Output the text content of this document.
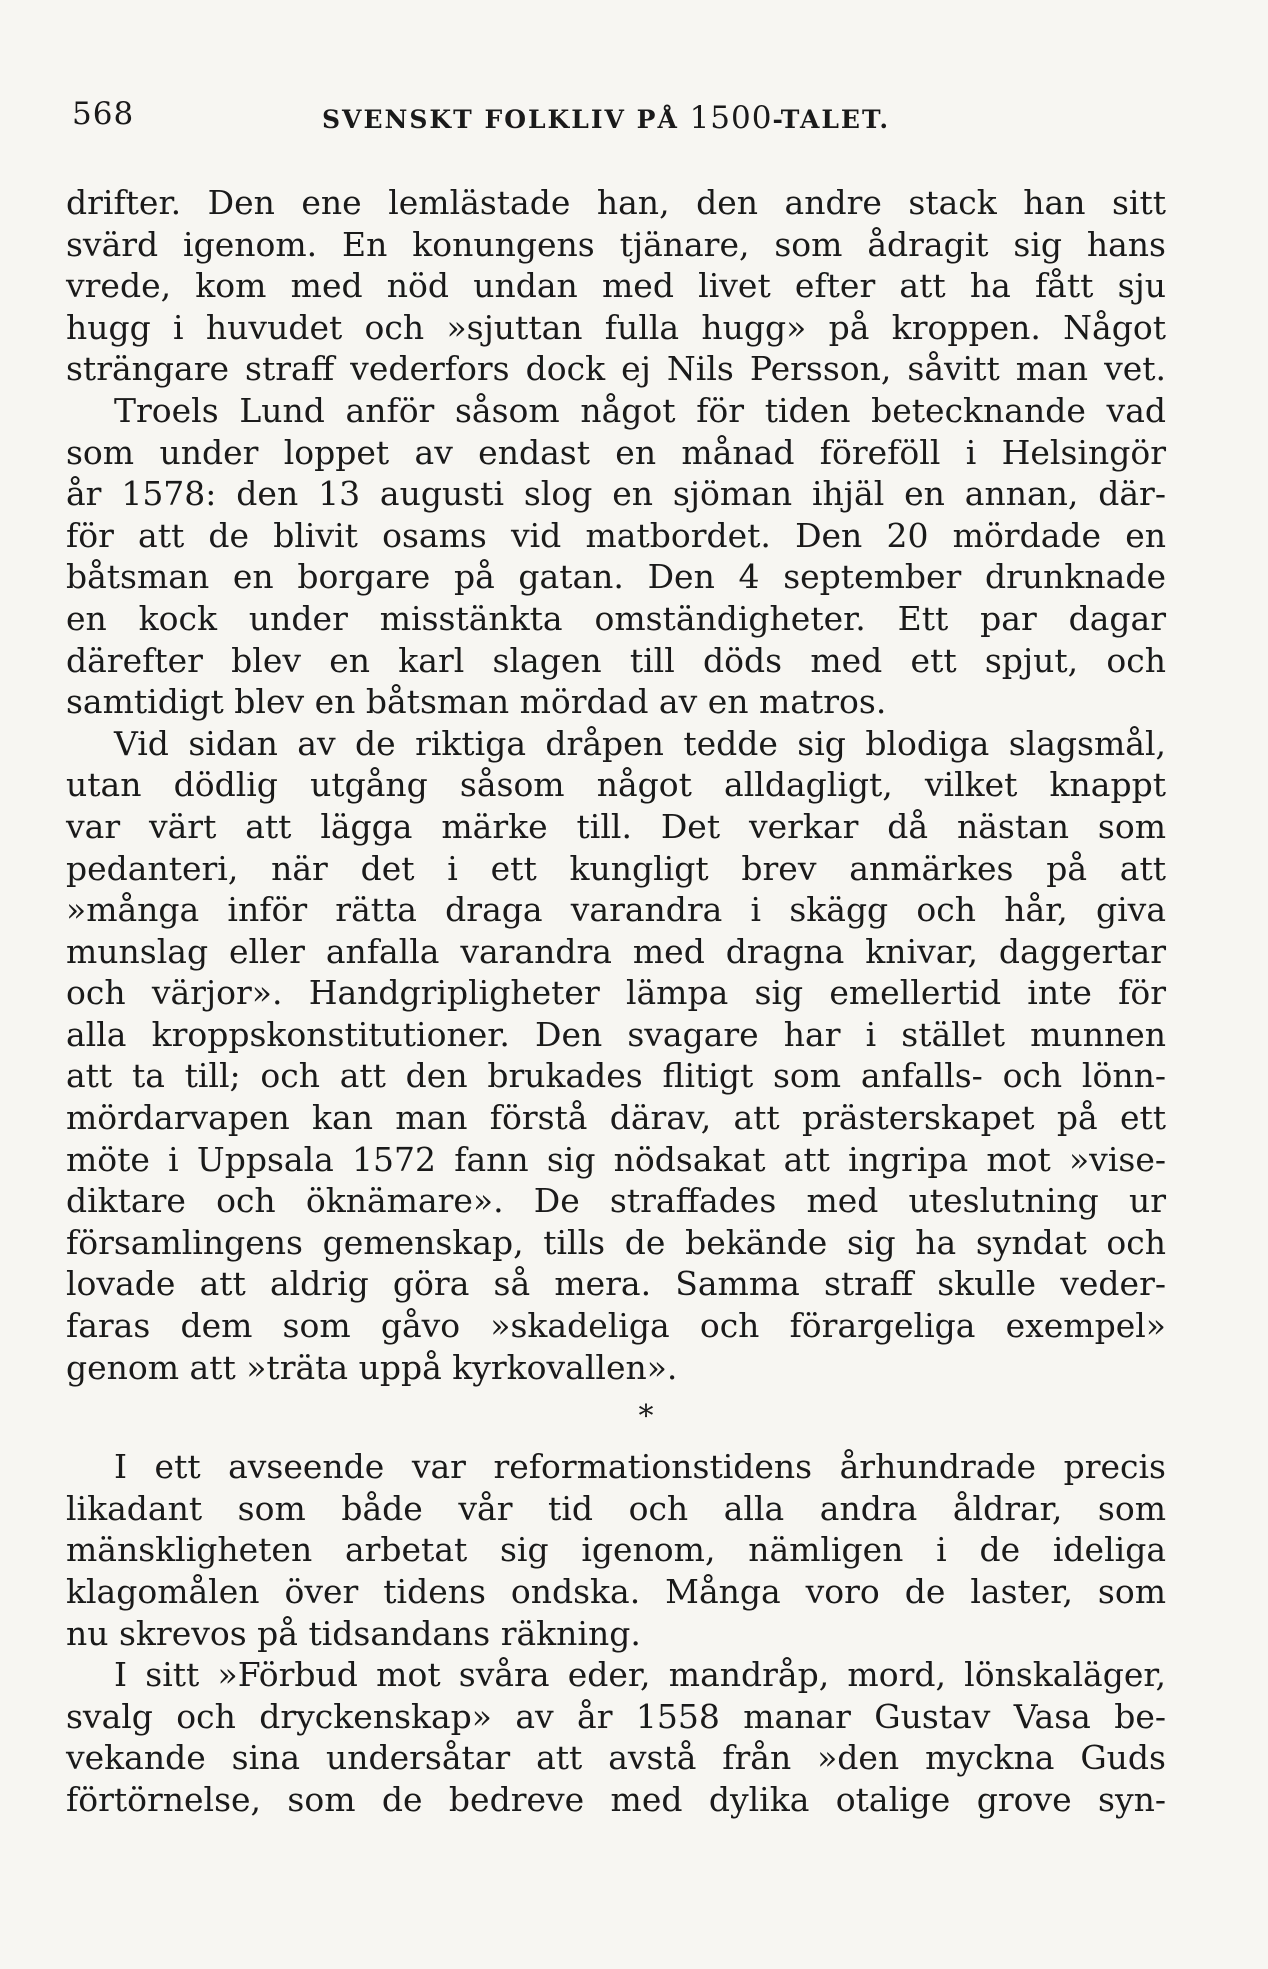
568	SVENSKT FOLKLIV PÅ 1500-TALET.
drifter. Den ene lemlästade han, den andre stack han sitt
svärd igenom. En konungens tjänare, som ådragit sig hans
vrede, kom med nöd undan med livet efter att ha fått sju
hugg i huvudet och »sjuttan fulla hugg» på kroppen. Något
strängare straff vederfors dock ej Nils Persson, såvitt man vet.
Troels Lund anför såsom något för tiden betecknande vad
som under loppet av endast en månad föreföll i Helsingör
år 1578: den 13 augusti slog en sjöman ihjäl en annan, där-
för att de blivit osams vid matbordet. Den 20 mördade en
båtsman en borgare på gatan. Den 4 september drunknade
en kock under misstänkta omständigheter. Ett par dagar
därefter blev en karl slagen till döds med ett spjut, och
samtidigt blev en båtsman mördad av en matros.
Vid sidan av de riktiga dråpen tedde sig blodiga slagsmål,
utan dödlig utgång såsom något alldagligt, vilket knappt
var värt att lägga märke till. Det verkar då nästan som
pedanteri, när det i ett kungligt brev anmärkes på att
»många inför rätta draga varandra i skägg och hår, giva
munslag eller anfalla varandra med dragna knivar, daggertar
och värjor». Handgripligheter lämpa sig emellertid inte för
alla kroppskonstitutioner. Den svagare har i stället munnen
att ta till; och att den brukades flitigt som anfalls- och lönn-
mördarvapen kan man förstå därav, att prästerskapet på ett
möte i Uppsala 1572 fann sig nödsakat att ingripa mot »vise-
diktare och öknämare». De straffades med uteslutning ur
församlingens gemenskap, tills de bekände sig ha syndat och
lovade att aldrig göra så mera. Samma straff skulle veder-
faras dem som gåvo »skadeliga och förargeliga exempel»
genom att »träta uppå kyrkovallen».
*
I ett avseende var reformationstidens århundrade precis
likadant som både vår tid och alla andra åldrar, som
mänskligheten arbetat sig igenom, nämligen i de ideliga
klagomålen över tidens ondska. Många voro de laster, som
nu skrevos på tidsandans räkning.
I sitt »Förbud mot svåra eder, mandråp, mord, lönskaläger,
svalg och dryckenskap» av år 1558 manar Gustav Vasa be-
vekande sina undersåtar att avstå från »den myckna Guds
förtörnelse, som de bedreve med dylika otalige grove syn-
